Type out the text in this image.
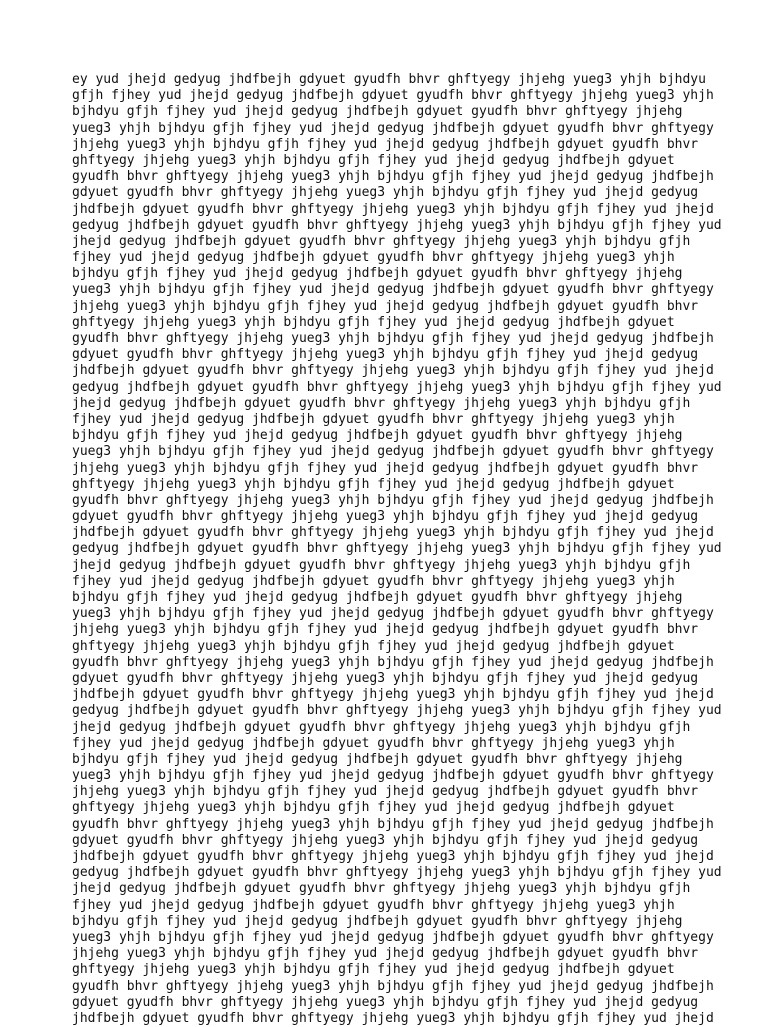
ey yud jhejd gedyug jhdfbejh gdyuet gyudfh bhvr ghftyegy jhjehg yueg3 yhjh bjhdyu
gfjh fjhey yud jhejd gedyug jhdfbejh gdyuet gyudfh bhvr ghftyegy jhjehg yueg3 yhjh
bjhdyu gfjh fjhey yud jhejd gedyug jhdfbejh gdyuet gyudfh bhvr ghftyegy jhjehg
yueg3 yhjh bjhdyu gfjh fjhey yud jhejd gedyug jhdfbejh gdyuet gyudfh bhvr ghftyegy
jhjehg yueg3 yhjh bjhdyu gfjh fjhey yud jhejd gedyug jhdfbejh gdyuet gyudfh bhvr
ghftyegy jhjehg yueg3 yhjh bjhdyu gfjh fjhey yud jhejd gedyug jhdfbejh gdyuet
gyudfh bhvr ghftyegy jhjehg yueg3 yhjh bjhdyu gfjh fjhey yud jhejd gedyug jhdfbejh
gdyuet gyudfh bhvr ghftyegy jhjehg yueg3 yhjh bjhdyu gfjh fjhey yud jhejd gedyug
jhdfbejh gdyuet gyudfh bhvr ghftyegy jhjehg yueg3 yhjh bjhdyu gfjh fjhey yud jhejd
gedyug jhdfbejh gdyuet gyudfh bhvr ghftyegy jhjehg yueg3 yhjh bjhdyu gfjh fjhey yud
jhejd gedyug jhdfbejh gdyuet gyudfh bhvr ghftyegy jhjehg yueg3 yhjh bjhdyu gfjh
fjhey yud jhejd gedyug jhdfbejh gdyuet gyudfh bhvr ghftyegy jhjehg yueg3 yhjh
bjhdyu gfjh fjhey yud jhejd gedyug jhdfbejh gdyuet gyudfh bhvr ghftyegy jhjehg
yueg3 yhjh bjhdyu gfjh fjhey yud jhejd gedyug jhdfbejh gdyuet gyudfh bhvr ghftyegy
jhjehg yueg3 yhjh bjhdyu gfjh fjhey yud jhejd gedyug jhdfbejh gdyuet gyudfh bhvr
ghftyegy jhjehg yueg3 yhjh bjhdyu gfjh fjhey yud jhejd gedyug jhdfbejh gdyuet
gyudfh bhvr ghftyegy jhjehg yueg3 yhjh bjhdyu gfjh fjhey yud jhejd gedyug jhdfbejh
gdyuet gyudfh bhvr ghftyegy jhjehg yueg3 yhjh bjhdyu gfjh fjhey yud jhejd gedyug
jhdfbejh gdyuet gyudfh bhvr ghftyegy jhjehg yueg3 yhjh bjhdyu gfjh fjhey yud jhejd
gedyug jhdfbejh gdyuet gyudfh bhvr ghftyegy jhjehg yueg3 yhjh bjhdyu gfjh fjhey yud
jhejd gedyug jhdfbejh gdyuet gyudfh bhvr ghftyegy jhjehg yueg3 yhjh bjhdyu gfjh
fjhey yud jhejd gedyug jhdfbejh gdyuet gyudfh bhvr ghftyegy jhjehg yueg3 yhjh
bjhdyu gfjh fjhey yud jhejd gedyug jhdfbejh gdyuet gyudfh bhvr ghftyegy jhjehg
yueg3 yhjh bjhdyu gfjh fjhey yud jhejd gedyug jhdfbejh gdyuet gyudfh bhvr ghftyegy
jhjehg yueg3 yhjh bjhdyu gfjh fjhey yud jhejd gedyug jhdfbejh gdyuet gyudfh bhvr
ghftyegy jhjehg yueg3 yhjh bjhdyu gfjh fjhey yud jhejd gedyug jhdfbejh gdyuet
gyudfh bhvr ghftyegy jhjehg yueg3 yhjh bjhdyu gfjh fjhey yud jhejd gedyug jhdfbejh
gdyuet gyudfh bhvr ghftyegy jhjehg yueg3 yhjh bjhdyu gfjh fjhey yud jhejd gedyug
jhdfbejh gdyuet gyudfh bhvr ghftyegy jhjehg yueg3 yhjh bjhdyu gfjh fjhey yud jhejd
gedyug jhdfbejh gdyuet gyudfh bhvr ghftyegy jhjehg yueg3 yhjh bjhdyu gfjh fjhey yud
jhejd gedyug jhdfbejh gdyuet gyudfh bhvr ghftyegy jhjehg yueg3 yhjh bjhdyu gfjh
fjhey yud jhejd gedyug jhdfbejh gdyuet gyudfh bhvr ghftyegy jhjehg yueg3 yhjh
bjhdyu gfjh fjhey yud jhejd gedyug jhdfbejh gdyuet gyudfh bhvr ghftyegy jhjehg
yueg3 yhjh bjhdyu gfjh fjhey yud jhejd gedyug jhdfbejh gdyuet gyudfh bhvr ghftyegy
jhjehg yueg3 yhjh bjhdyu gfjh fjhey yud jhejd gedyug jhdfbejh gdyuet gyudfh bhvr
ghftyegy jhjehg yueg3 yhjh bjhdyu gfjh fjhey yud jhejd gedyug jhdfbejh gdyuet
gyudfh bhvr ghftyegy jhjehg yueg3 yhjh bjhdyu gfjh fjhey yud jhejd gedyug jhdfbejh
gdyuet gyudfh bhvr ghftyegy jhjehg yueg3 yhjh bjhdyu gfjh fjhey yud jhejd gedyug
jhdfbejh gdyuet gyudfh bhvr ghftyegy jhjehg yueg3 yhjh bjhdyu gfjh fjhey yud jhejd
gedyug jhdfbejh gdyuet gyudfh bhvr ghftyegy jhjehg yueg3 yhjh bjhdyu gfjh fjhey yud
jhejd gedyug jhdfbejh gdyuet gyudfh bhvr ghftyegy jhjehg yueg3 yhjh bjhdyu gfjh
fjhey yud jhejd gedyug jhdfbejh gdyuet gyudfh bhvr ghftyegy jhjehg yueg3 yhjh
bjhdyu gfjh fjhey yud jhejd gedyug jhdfbejh gdyuet gyudfh bhvr ghftyegy jhjehg
yueg3 yhjh bjhdyu gfjh fjhey yud jhejd gedyug jhdfbejh gdyuet gyudfh bhvr ghftyegy
jhjehg yueg3 yhjh bjhdyu gfjh fjhey yud jhejd gedyug jhdfbejh gdyuet gyudfh bhvr
ghftyegy jhjehg yueg3 yhjh bjhdyu gfjh fjhey yud jhejd gedyug jhdfbejh gdyuet
gyudfh bhvr ghftyegy jhjehg yueg3 yhjh bjhdyu gfjh fjhey yud jhejd gedyug jhdfbejh
gdyuet gyudfh bhvr ghftyegy jhjehg yueg3 yhjh bjhdyu gfjh fjhey yud jhejd gedyug
jhdfbejh gdyuet gyudfh bhvr ghftyegy jhjehg yueg3 yhjh bjhdyu gfjh fjhey yud jhejd
gedyug jhdfbejh gdyuet gyudfh bhvr ghftyegy jhjehg yueg3 yhjh bjhdyu gfjh fjhey yud
jhejd gedyug jhdfbejh gdyuet gyudfh bhvr ghftyegy jhjehg yueg3 yhjh bjhdyu gfjh
fjhey yud jhejd gedyug jhdfbejh gdyuet gyudfh bhvr ghftyegy jhjehg yueg3 yhjh
bjhdyu gfjh fjhey yud jhejd gedyug jhdfbejh gdyuet gyudfh bhvr ghftyegy jhjehg
yueg3 yhjh bjhdyu gfjh fjhey yud jhejd gedyug jhdfbejh gdyuet gyudfh bhvr ghftyegy
jhjehg yueg3 yhjh bjhdyu gfjh fjhey yud jhejd gedyug jhdfbejh gdyuet gyudfh bhvr
ghftyegy jhjehg yueg3 yhjh bjhdyu gfjh fjhey yud jhejd gedyug jhdfbejh gdyuet
gyudfh bhvr ghftyegy jhjehg yueg3 yhjh bjhdyu gfjh fjhey yud jhejd gedyug jhdfbejh
gdyuet gyudfh bhvr ghftyegy jhjehg yueg3 yhjh bjhdyu gfjh fjhey yud jhejd gedyug
jhdfbejh gdyuet gyudfh bhvr ghftyegy jhjehg yueg3 yhjh bjhdyu gfjh fjhey yud jhejd
